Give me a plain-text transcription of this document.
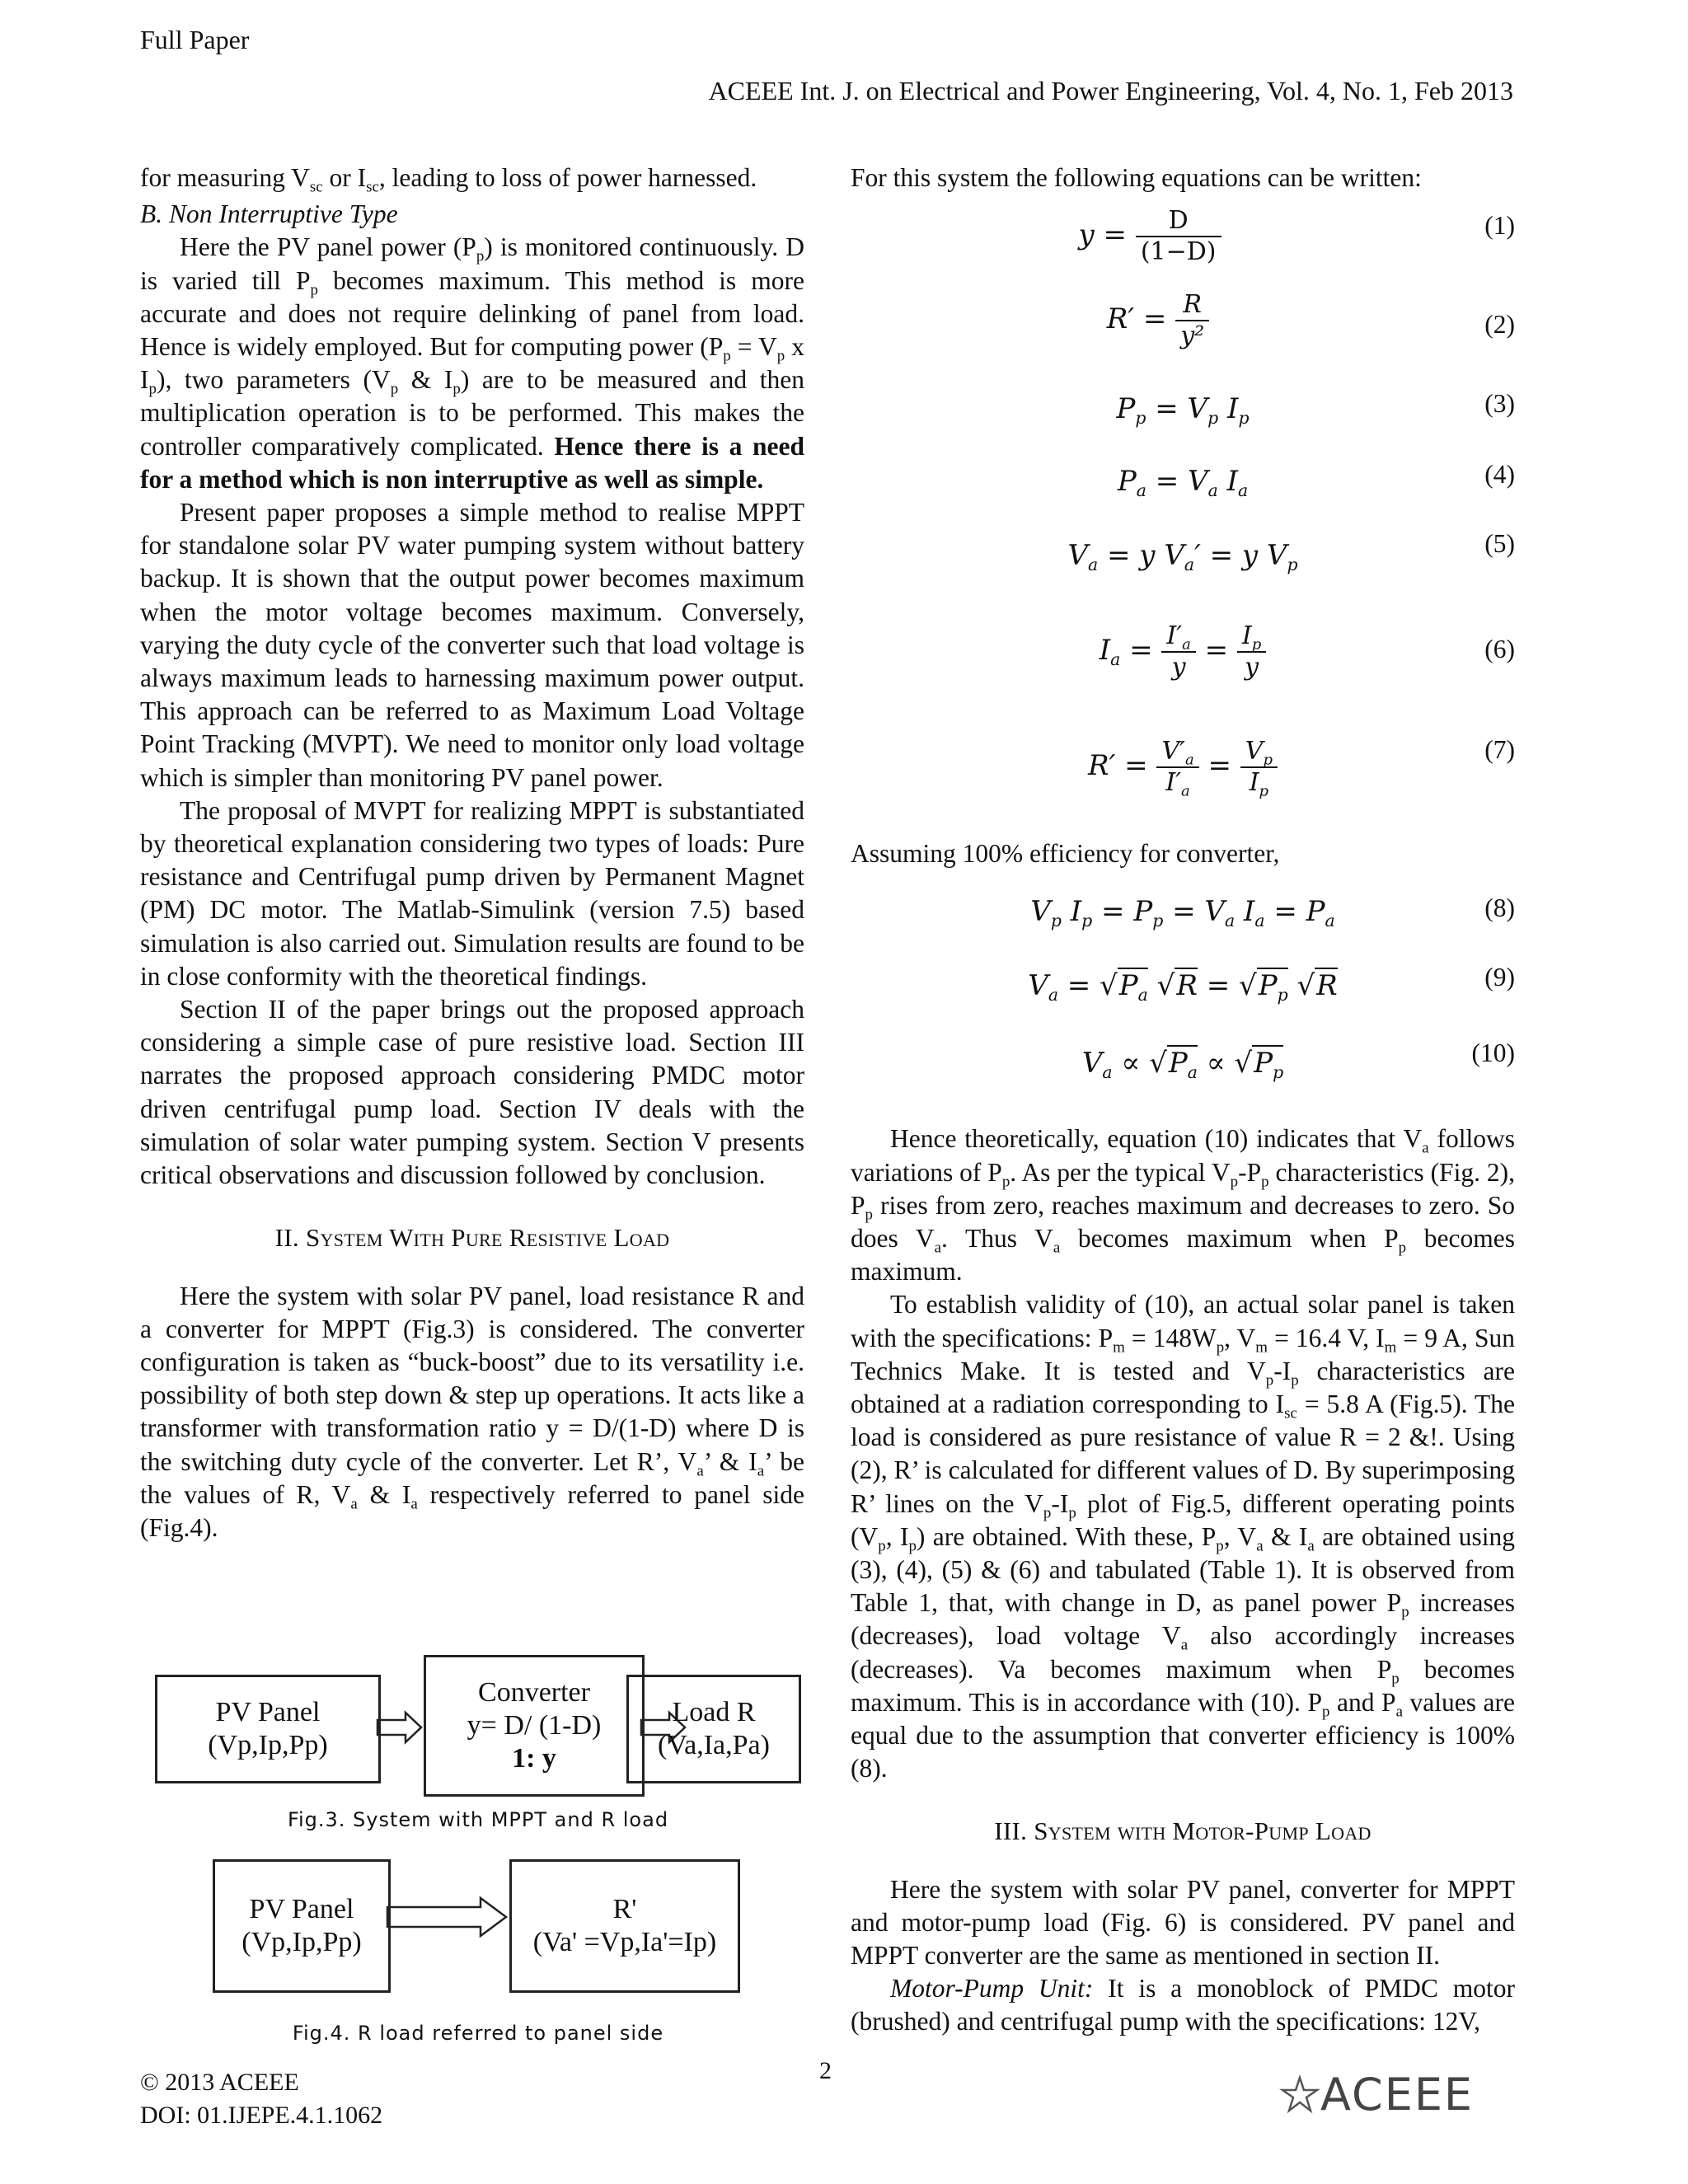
Full Paper
ACEEE Int. J. on Electrical and Power Engineering, Vol. 4, No. 1, Feb 2013

for measuring $V_{sc}$ or $I_{sc}$, leading to loss of power harnessed.

B. Non Interruptive Type

Here the PV panel power $(P_p)$ is monitored continuously. D is varied till $P_p$ becomes maximum. This method is more accurate and does not require delinking of panel from load. Hence is widely employed. But for computing power ($P_p = V_p$ x $I_p$), two parameters ($V_p$ & $I_p$) are to be measured and then multiplication operation is to be performed. This makes the controller comparatively complicated. Hence there is a need for a method which is non interruptive as well as simple.

Present paper proposes a simple method to realise MPPT for standalone solar PV water pumping system without battery backup. It is shown that the output power becomes maximum when the motor voltage becomes maximum. Conversely, varying the duty cycle of the converter such that load voltage is always maximum leads to harnessing maximum power output. This approach can be referred to as Maximum Load Voltage Point Tracking (MVPT). We need to monitor only load voltage which is simpler than monitoring PV panel power.

The proposal of MVPT for realizing MPPT is substantiated by theoretical explanation considering two types of loads: Pure resistance and Centrifugal pump driven by Permanent Magnet (PM) DC motor. The Matlab-Simulink (version 7.5) based simulation is also carried out. Simulation results are found to be in close conformity with the theoretical findings.

Section II of the paper brings out the proposed approach considering a simple case of pure resistive load. Section III narrates the proposed approach considering PMDC motor driven centrifugal pump load. Section IV deals with the simulation of solar water pumping system. Section V presents critical observations and discussion followed by conclusion.

II. System With Pure Resistive Load

Here the system with solar PV panel, load resistance R and a converter for MPPT (Fig.3) is considered. The converter configuration is taken as “buck-boost” due to its versatility i.e. possibility of both step down & step up operations. It acts like a transformer with transformation ratio y = D/(1-D) where D is the switching duty cycle of the converter. Let R’, $V_a$’ & $I_a$’ be the values of R, $V_a$ & $I_a$ respectively referred to panel side (Fig.4).

PV Panel
(Vp,Ip,Pp)
Converter
y= D/ (1-D)
1: y
Load R
(Va,Ia,Pa)
Fig.3. System with MPPT and R load
PV Panel
(Vp,Ip,Pp)
R'
(Va' =Vp,Ia'=Ip)
Fig.4. R load referred to panel side

For this system the following equations can be written:

$y = \frac{D}{(1-D)}$	(1)
$R' = \frac{R}{\text{y²}}$	(2)
$P_p = V_p$ $I_p$
(3)
$P_a = V_a$ $I_a$
(4)
$V_a = y$ $V_a' = y$ $V_p$
(5)
$I_a = \frac{I'_a}{y} = \frac{I_p}{y}$	(6)
$R' = \frac{V'_a}{I'_a} = \frac{V_p}{I_p}$	(7)

Assuming 100% efficiency for converter,

$V_p$ $I_p = P_p = V_a$ $I_a = P_a$	(8)
$V_a = √P_a$ $√R = √P_p$ √R	(9)
$V_a \propto √P_a \propto √P_p$
(10)

Hence theoretically, equation (10) indicates that $V_a$ follows variations of $P_p$. As per the typical $V_p-P_p$ characteristics (Fig. 2), $P_p$ rises from zero, reaches maximum and decreases to zero. So does $V_a$. Thus $V_a$ becomes maximum when $P_p$ becomes maximum.

To establish validity of (10), an actual solar panel is taken with the specifications: $P_m = 148W_p$, $V_m = 16.4$ V, $I_m = 9$ A, Sun Technics Make. It is tested and $V_p-I_p$ characteristics are obtained at a radiation corresponding to $I_{sc} = 5.8$ A (Fig.5). The load is considered as pure resistance of value R = 2 &!. Using (2), R’ is calculated for different values of D. By superimposing R’ lines on the $V_p-I_p$ plot of Fig.5, different operating points ($V_p$, $I_p$) are obtained. With these, $P_p$, $V_a$ & $I_a$ are obtained using (3), (4), (5) & (6) and tabulated (Table 1). It is observed from Table 1, that, with change in D, as panel power $P_p$ increases (decreases), load voltage $V_a$ also accordingly increases (decreases). Va becomes maximum when $P_p$ becomes maximum. This is in accordance with (10). $P_p$ and $P_a$ values are equal due to the assumption that converter efficiency is 100% (8).

III. System with Motor-Pump Load

Here the system with solar PV panel, converter for MPPT and motor-pump load (Fig. 6) is considered. PV panel and MPPT converter are the same as mentioned in section II.

Motor-Pump Unit: It is a monoblock of PMDC motor (brushed) and centrifugal pump with the specifications: 12V,

© 2013 ACEEE
DOI: 01.IJEPE.4.1.1062
2	ACEEE
